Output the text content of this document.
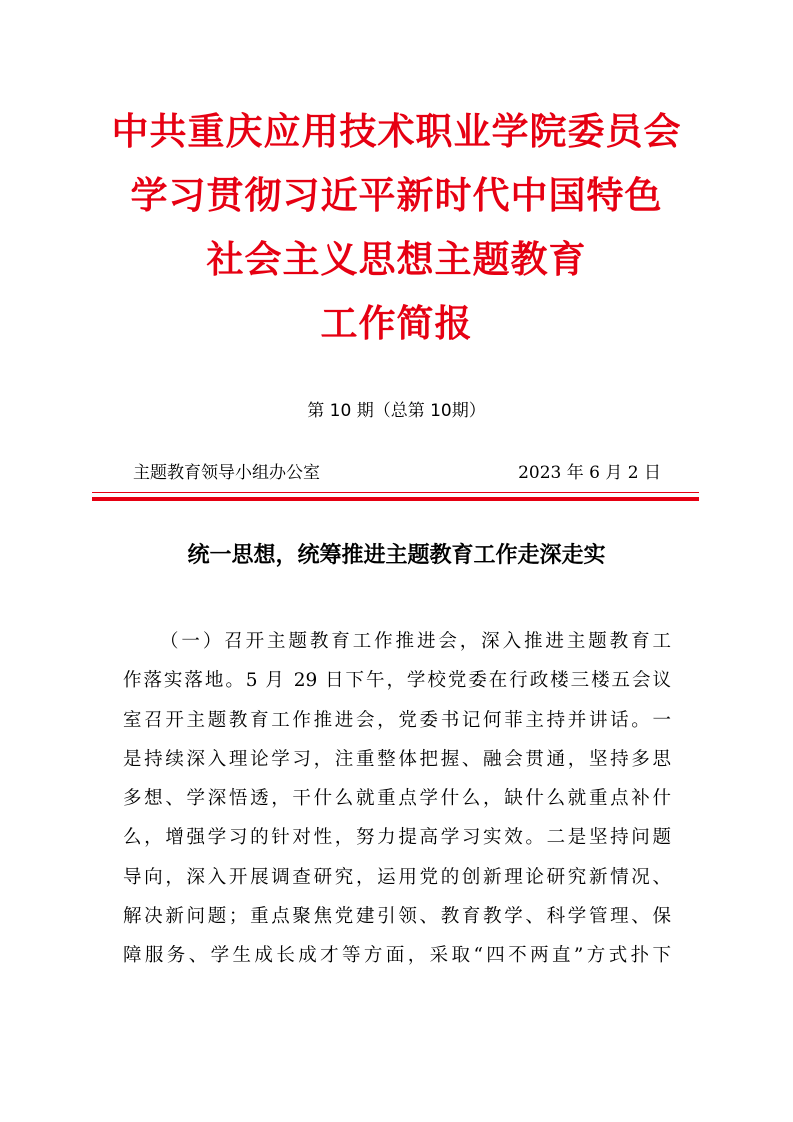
中共重庆应用技术职业学院委员会
学习贯彻习近平新时代中国特色
社会主义思想主题教育
工作简报
第 10 期（总第 10期）
主题教育领导小组办公室	2023 年 6 月 2 日
统一思想，统筹推进主题教育工作走深走实
（一）召开主题教育工作推进会，深入推进主题教育工
作落实落地。5 月 29 日下午，学校党委在行政楼三楼五会议
室召开主题教育工作推进会，党委书记何菲主持并讲话。一
是持续深入理论学习，注重整体把握、融会贯通，坚持多思
多想、学深悟透，干什么就重点学什么，缺什么就重点补什
么，增强学习的针对性，努力提高学习实效。二是坚持问题
导向，深入开展调查研究，运用党的创新理论研究新情况、
解决新问题；重点聚焦党建引领、教育教学、科学管理、保
障服务、学生成长成才等方面，采取“四不两直”方式扑下
